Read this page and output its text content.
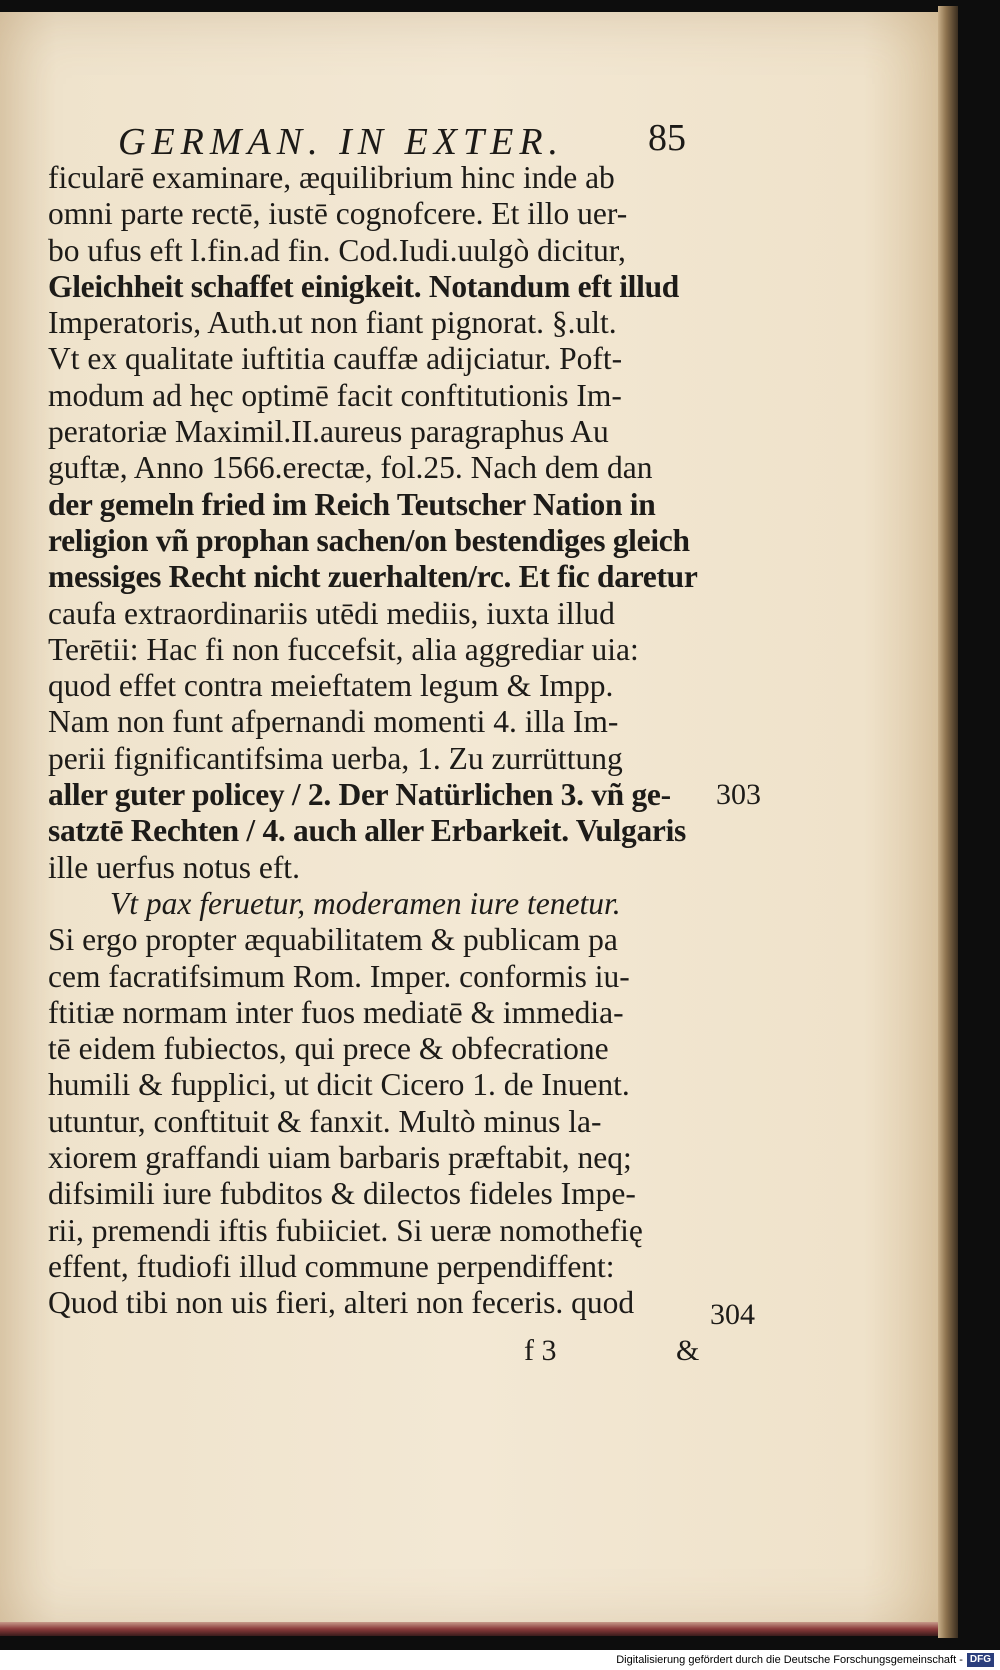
GERMAN. IN EXTER.	85
ficularē examinare, æquilibrium hinc inde ab
omni parte rectē, iustē cognofcere. Et illo uer-
bo ufus eft l.fin.ad fin. Cod.Iudi.uulgò dicitur,
Gleichheit schaffet einigkeit. Notandum eft illud
Imperatoris, Auth.ut non fiant pignorat. §.ult.
Vt ex qualitate iuftitia cauffæ adijciatur. Poft-
modum ad hęc optimē facit conftitutionis Im-
peratoriæ Maximil.II.aureus paragraphus Au
guftæ, Anno 1566.erectæ, fol.25. Nach dem dan
der gemeln fried im Reich Teutscher Nation in
religion vñ prophan sachen/on bestendiges gleich
messiges Recht nicht zuerhalten/rc. Et fic daretur
caufa extraordinariis utēdi mediis, iuxta illud
Terētii: Hac fi non fuccefsit, alia aggrediar uia:
quod effet contra meieftatem legum & Impp.
Nam non funt afpernandi momenti 4. illa Im-
perii fignificantifsima uerba, 1. Zu zurrüttung
aller guter policey / 2. Der Natürlichen 3. vñ ge-
satztē Rechten / 4. auch aller Erbarkeit. Vulgaris
ille uerfus notus eft.
Vt pax feruetur, moderamen iure tenetur.
Si ergo propter æquabilitatem & publicam pa
cem facratifsimum Rom. Imper. conformis iu-
ftitiæ normam inter fuos mediatē & immedia-
tē eidem fubiectos, qui prece & obfecratione
humili & fupplici, ut dicit Cicero 1. de Inuent.
utuntur, conftituit & fanxit. Multò minus la-
xiorem graffandi uiam barbaris præftabit, neq;
difsimili iure fubditos & dilectos fideles Impe-
rii, premendi iftis fubiiciet. Si ueræ nomothefię
effent, ftudiofi illud commune perpendiffent:
Quod tibi non uis fieri, alteri non feceris. quod
303
304
f 3	&
Digitalisierung gefördert durch die Deutsche Forschungsgemeinschaft - DFG
